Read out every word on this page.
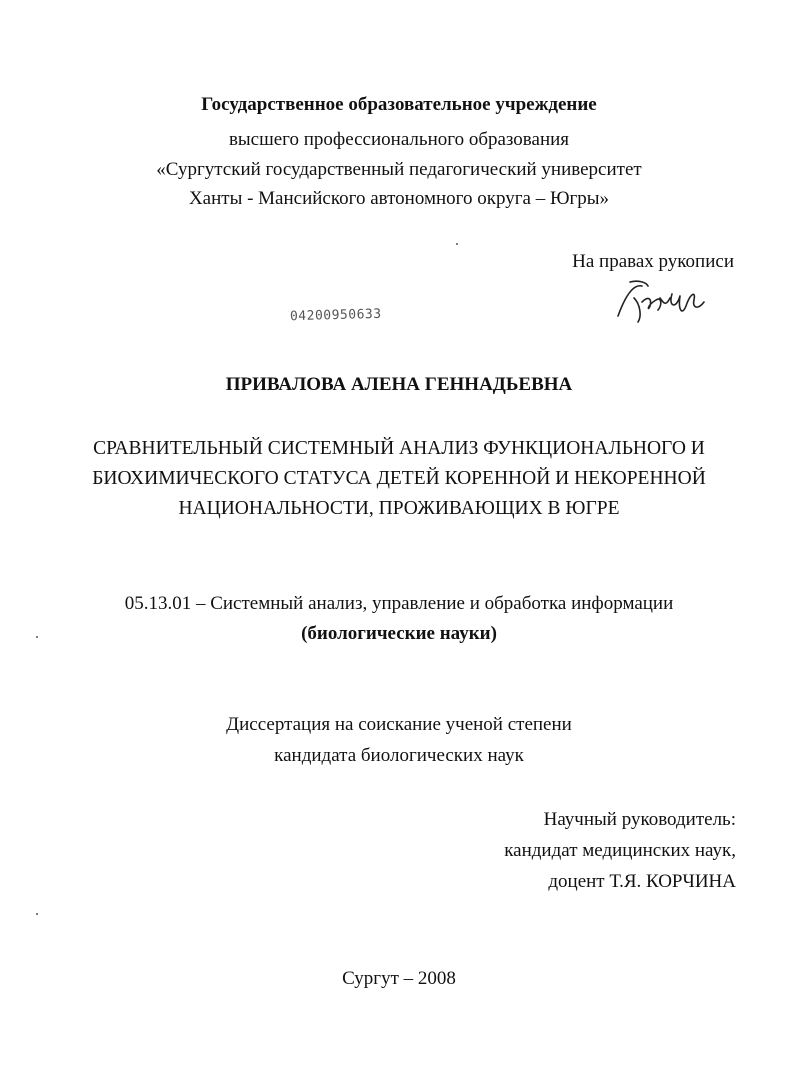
Государственное образовательное учреждение
высшего профессионального образования
«Сургутский государственный педагогический университет
Ханты - Мансийского автономного округа – Югры»
На правах рукописи
04200950633
ПРИВАЛОВА АЛЕНА ГЕННАДЬЕВНА
СРАВНИТЕЛЬНЫЙ СИСТЕМНЫЙ АНАЛИЗ ФУНКЦИОНАЛЬНОГО И
БИОХИМИЧЕСКОГО СТАТУСА ДЕТЕЙ КОРЕННОЙ И НЕКОРЕННОЙ
НАЦИОНАЛЬНОСТИ, ПРОЖИВАЮЩИХ В ЮГРЕ
05.13.01 – Системный анализ, управление и обработка информации
(биологические науки)
Диссертация на соискание ученой степени
кандидата биологических наук
Научный руководитель:
кандидат медицинских наук,
доцент Т.Я. КОРЧИНА
Сургут – 2008
